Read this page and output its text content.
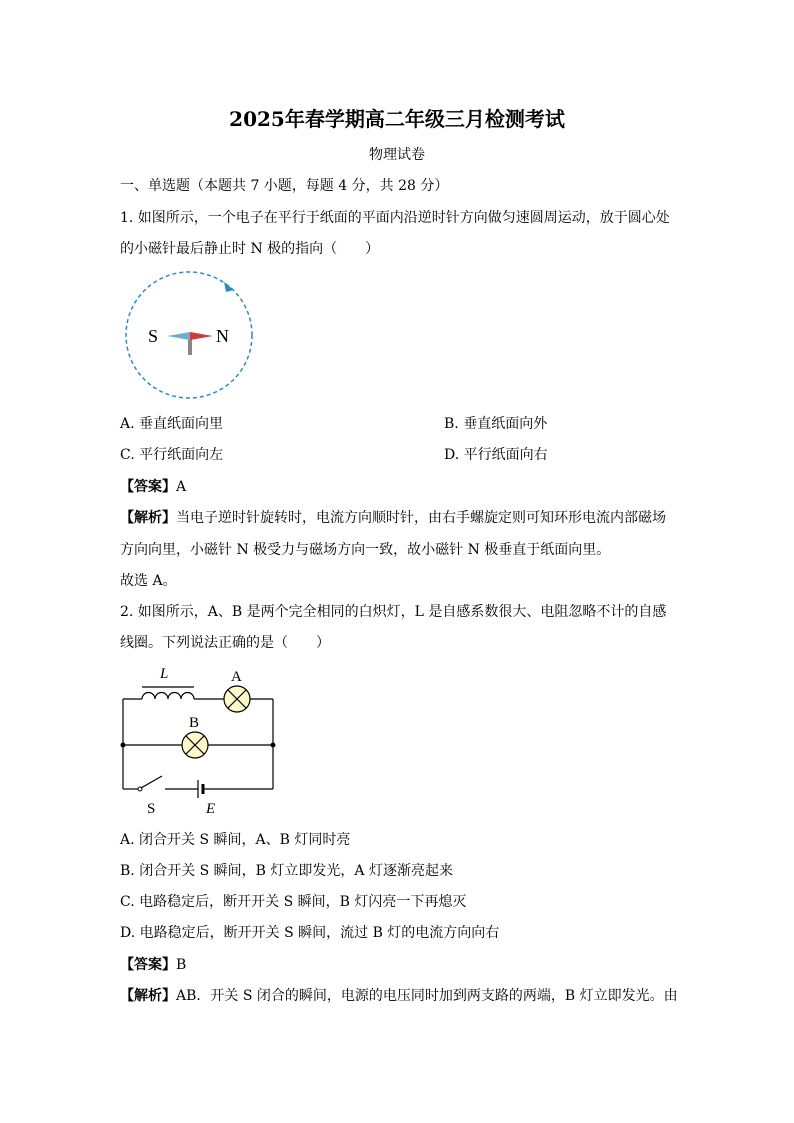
2025年春学期高二年级三月检测考试
物理试卷
一、单选题（本题共 7 小题，每题 4 分，共 28 分）
1. 如图所示，一个电子在平行于纸面的平面内沿逆时针方向做匀速圆周运动，放于圆心处
的小磁针最后静止时 N 极的指向（　　）
S	N
A. 垂直纸面向里	B. 垂直纸面向外
C. 平行纸面向左	D. 平行纸面向右
【答案】A
【解析】当电子逆时针旋转时，电流方向顺时针，由右手螺旋定则可知环形电流内部磁场
方向向里，小磁针 N 极受力与磁场方向一致，故小磁针 N 极垂直于纸面向里。
故选 A。
2. 如图所示，A、B 是两个完全相同的白炽灯，L 是自感系数很大、电阻忽略不计的自感
线圈。下列说法正确的是（　　）
L	A
B
S	E
A. 闭合开关 S 瞬间，A、B 灯同时亮
B. 闭合开关 S 瞬间，B 灯立即发光，A 灯逐渐亮起来
C. 电路稳定后，断开开关 S 瞬间，B 灯闪亮一下再熄灭
D. 电路稳定后，断开开关 S 瞬间，流过 B 灯的电流方向向右
【答案】B
【解析】AB．开关 S 闭合的瞬间，电源的电压同时加到两支路的两端，B 灯立即发光。由
